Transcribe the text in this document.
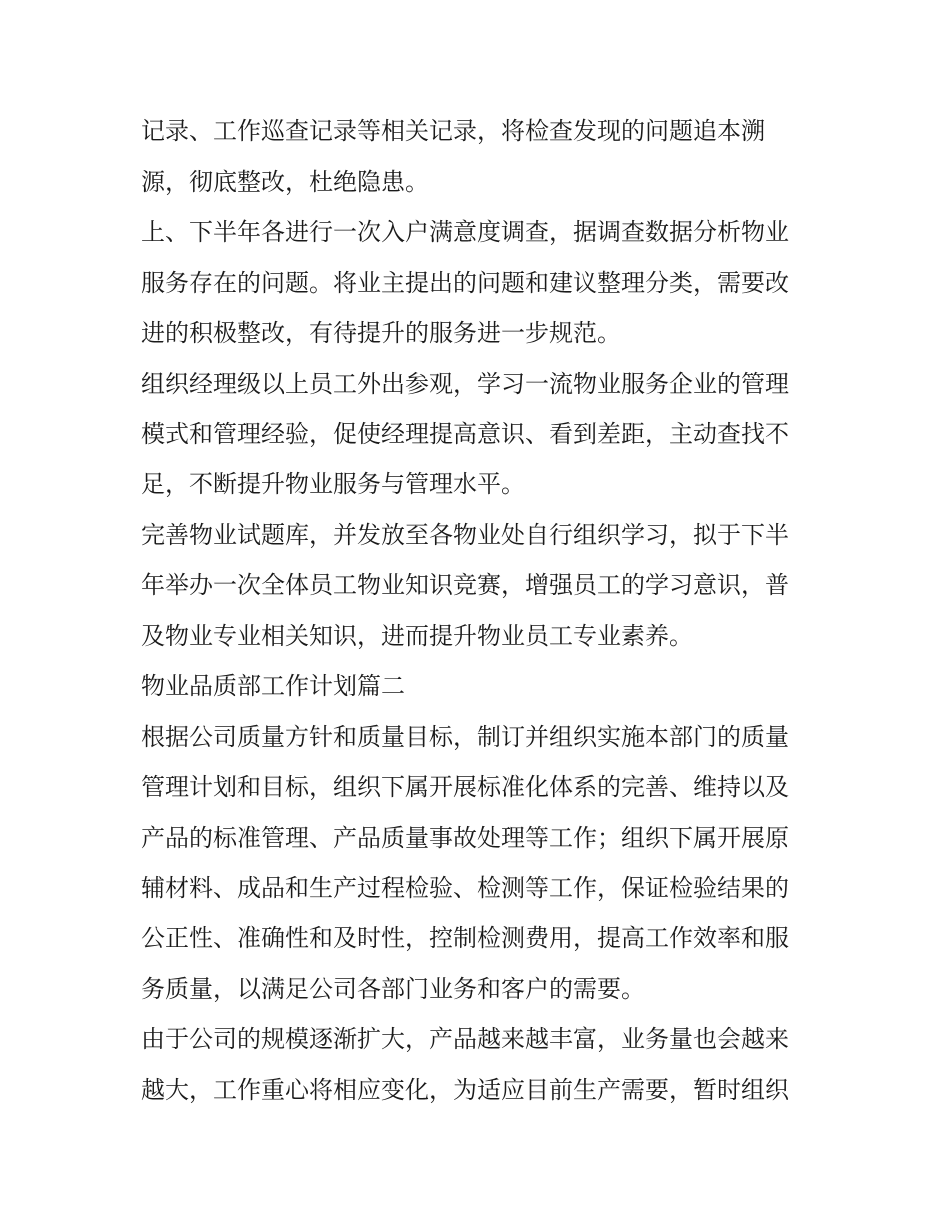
记录、工作巡查记录等相关记录，将检查发现的问题追本溯
源，彻底整改，杜绝隐患。
上、下半年各进行一次入户满意度调查，据调查数据分析物业
服务存在的问题。将业主提出的问题和建议整理分类，需要改
进的积极整改，有待提升的服务进一步规范。
组织经理级以上员工外出参观，学习一流物业服务企业的管理
模式和管理经验，促使经理提高意识、看到差距，主动查找不
足，不断提升物业服务与管理水平。
完善物业试题库，并发放至各物业处自行组织学习，拟于下半
年举办一次全体员工物业知识竞赛，增强员工的学习意识，普
及物业专业相关知识，进而提升物业员工专业素养。
物业品质部工作计划篇二
根据公司质量方针和质量目标，制订并组织实施本部门的质量
管理计划和目标，组织下属开展标准化体系的完善、维持以及
产品的标准管理、产品质量事故处理等工作；组织下属开展原
辅材料、成品和生产过程检验、检测等工作，保证检验结果的
公正性、准确性和及时性，控制检测费用，提高工作效率和服
务质量，以满足公司各部门业务和客户的需要。
由于公司的规模逐渐扩大，产品越来越丰富，业务量也会越来
越大，工作重心将相应变化，为适应目前生产需要，暂时组织
